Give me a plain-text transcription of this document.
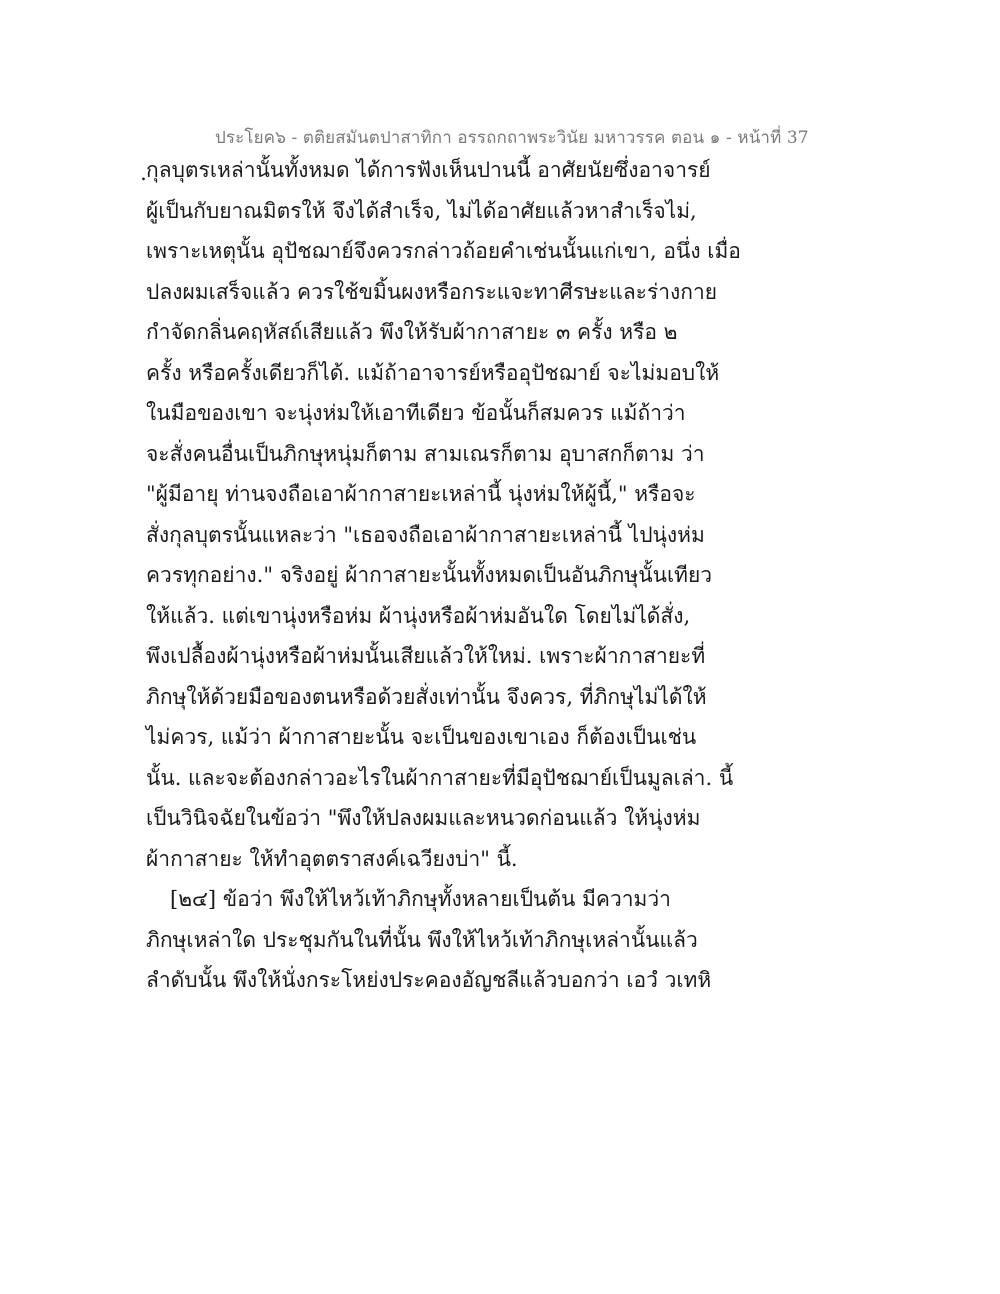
ประโยค๖ - ตติยสมันตปาสาทิกา อรรถกถาพระวินัย มหาวรรค ตอน ๑ - หน้าที่ 37
ฺกุลบุตรเหล่านั้นทั้งหมด ได้การฟังเห็นปานนี้ อาศัยนัยซึ่งอาจารย์
ผู้เป็นกับยาณมิตรให้ จึงได้สำเร็จ, ไม่ได้อาศัยแล้วหาสำเร็จไม่,
เพราะเหตุนั้น อุปัชฌาย์จึงควรกล่าวถ้อยคำเช่นนั้นแก่เขา, อนึ่ง เมื่อ
ปลงผมเสร็จแล้ว ควรใช้ขมิ้นผงหรือกระแจะทาศีรษะและร่างกาย
กำจัดกลิ่นคฤหัสถ์เสียแล้ว พึงให้รับผ้ากาสายะ ๓ ครั้ง หรือ ๒
ครั้ง หรือครั้งเดียวก็ได้. แม้ถ้าอาจารย์หรืออุปัชฌาย์ จะไม่มอบให้
ในมือของเขา จะนุ่งห่มให้เอาทีเดียว ข้อนั้นก็สมควร แม้ถ้าว่า
จะสั่งคนอื่นเป็นภิกษุหนุ่มก็ตาม สามเณรก็ตาม อุบาสกก็ตาม ว่า
"ผู้มีอายุ ท่านจงถือเอาผ้ากาสายะเหล่านี้ นุ่งห่มให้ผู้นี้," หรือจะ
สั่งกุลบุตรนั้นแหละว่า "เธอจงถือเอาผ้ากาสายะเหล่านี้ ไปนุ่งห่ม
ควรทุกอย่าง." จริงอยู่ ผ้ากาสายะนั้นทั้งหมดเป็นอันภิกษุนั้นเทียว
ให้แล้ว. แต่เขานุ่งหรือห่ม ผ้านุ่งหรือผ้าห่มอันใด โดยไม่ได้สั่ง,
พึงเปลื้องผ้านุ่งหรือผ้าห่มนั้นเสียแล้วให้ใหม่. เพราะผ้ากาสายะที่
ภิกษุให้ด้วยมือของตนหรือด้วยสั่งเท่านั้น จึงควร, ที่ภิกษุไม่ได้ให้
ไม่ควร, แม้ว่า ผ้ากาสายะนั้น จะเป็นของเขาเอง ก็ต้องเป็นเช่น
นั้น. และจะต้องกล่าวอะไรในผ้ากาสายะที่มีอุปัชฌาย์เป็นมูลเล่า. นี้
เป็นวินิจฉัยในข้อว่า "พึงให้ปลงผมและหนวดก่อนแล้ว ให้นุ่งห่ม
ผ้ากาสายะ ให้ทำอุตตราสงค์เฉวียงบ่า" นี้.
[๒๔] ข้อว่า พึงให้ไหว้เท้าภิกษุทั้งหลายเป็นต้น มีความว่า
ภิกษุเหล่าใด ประชุมกันในที่นั้น พึงให้ไหว้เท้าภิกษุเหล่านั้นแล้ว
ลำดับนั้น พึงให้นั่งกระโหย่งประคองอัญชลีแล้วบอกว่า เอวํ วเทหิ
